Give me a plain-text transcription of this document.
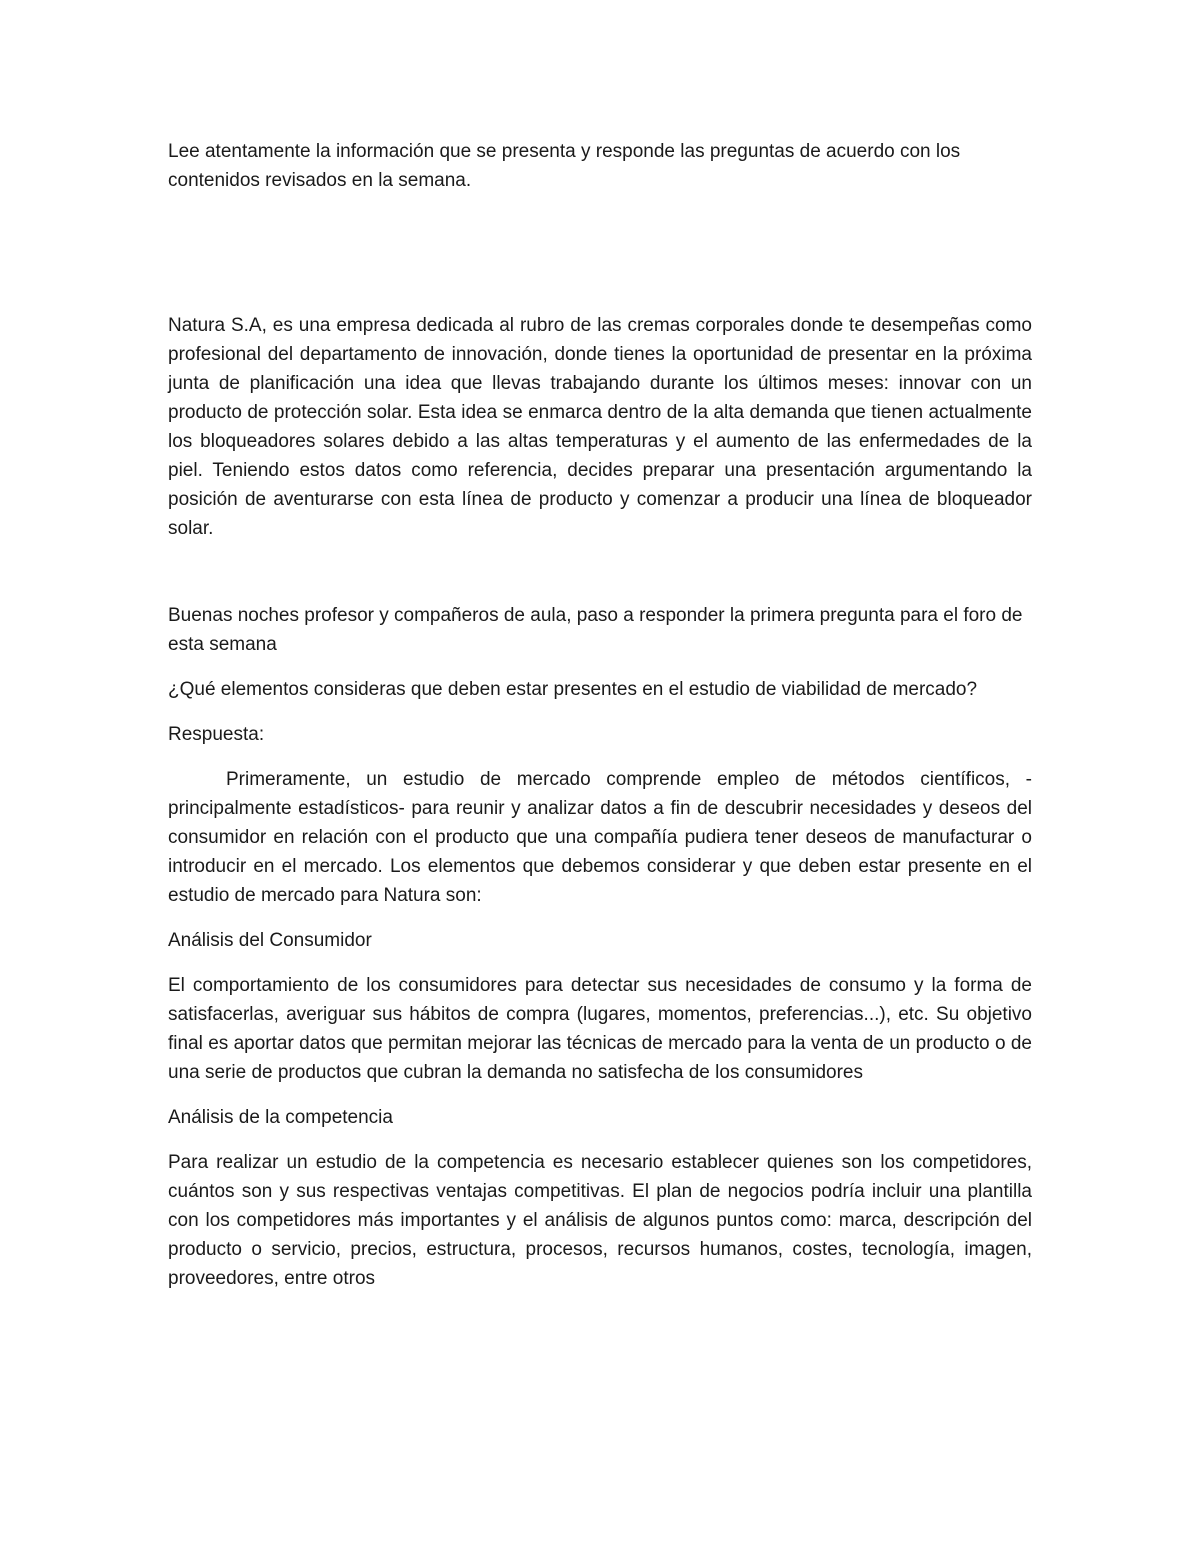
Lee atentamente la información que se presenta y responde las preguntas de acuerdo con los contenidos revisados en la semana.

Natura S.A, es una empresa dedicada al rubro de las cremas corporales donde te desempeñas como profesional del departamento de innovación, donde tienes la oportunidad de presentar en la próxima junta de planificación una idea que llevas trabajando durante los últimos meses: innovar con un producto de protección solar. Esta idea se enmarca dentro de la alta demanda que tienen actualmente los bloqueadores solares debido a las altas temperaturas y el aumento de las enfermedades de la piel. Teniendo estos datos como referencia, decides preparar una presentación argumentando la posición de aventurarse con esta línea de producto y comenzar a producir una línea de bloqueador solar.

Buenas noches profesor y compañeros de aula, paso a responder la primera pregunta para el foro de esta semana

¿Qué elementos consideras que deben estar presentes en el estudio de viabilidad de mercado?

Respuesta:

Primeramente, un estudio de mercado comprende empleo de métodos científicos, -principalmente estadísticos- para reunir y analizar datos a fin de descubrir necesidades y deseos del consumidor en relación con el producto que una compañía pudiera tener deseos de manufacturar o introducir en el mercado. Los elementos que debemos considerar y que deben estar presente en el estudio de mercado para Natura son:

Análisis del Consumidor

El comportamiento de los consumidores para detectar sus necesidades de consumo y la forma de satisfacerlas, averiguar sus hábitos de compra (lugares, momentos, preferencias...), etc. Su objetivo final es aportar datos que permitan mejorar las técnicas de mercado para la venta de un producto o de una serie de productos que cubran la demanda no satisfecha de los consumidores

Análisis de la competencia

Para realizar un estudio de la competencia es necesario establecer quienes son los competidores, cuántos son y sus respectivas ventajas competitivas. El plan de negocios podría incluir una plantilla con los competidores más importantes y el análisis de algunos puntos como: marca, descripción del producto o servicio, precios, estructura, procesos, recursos humanos, costes, tecnología, imagen, proveedores, entre otros
